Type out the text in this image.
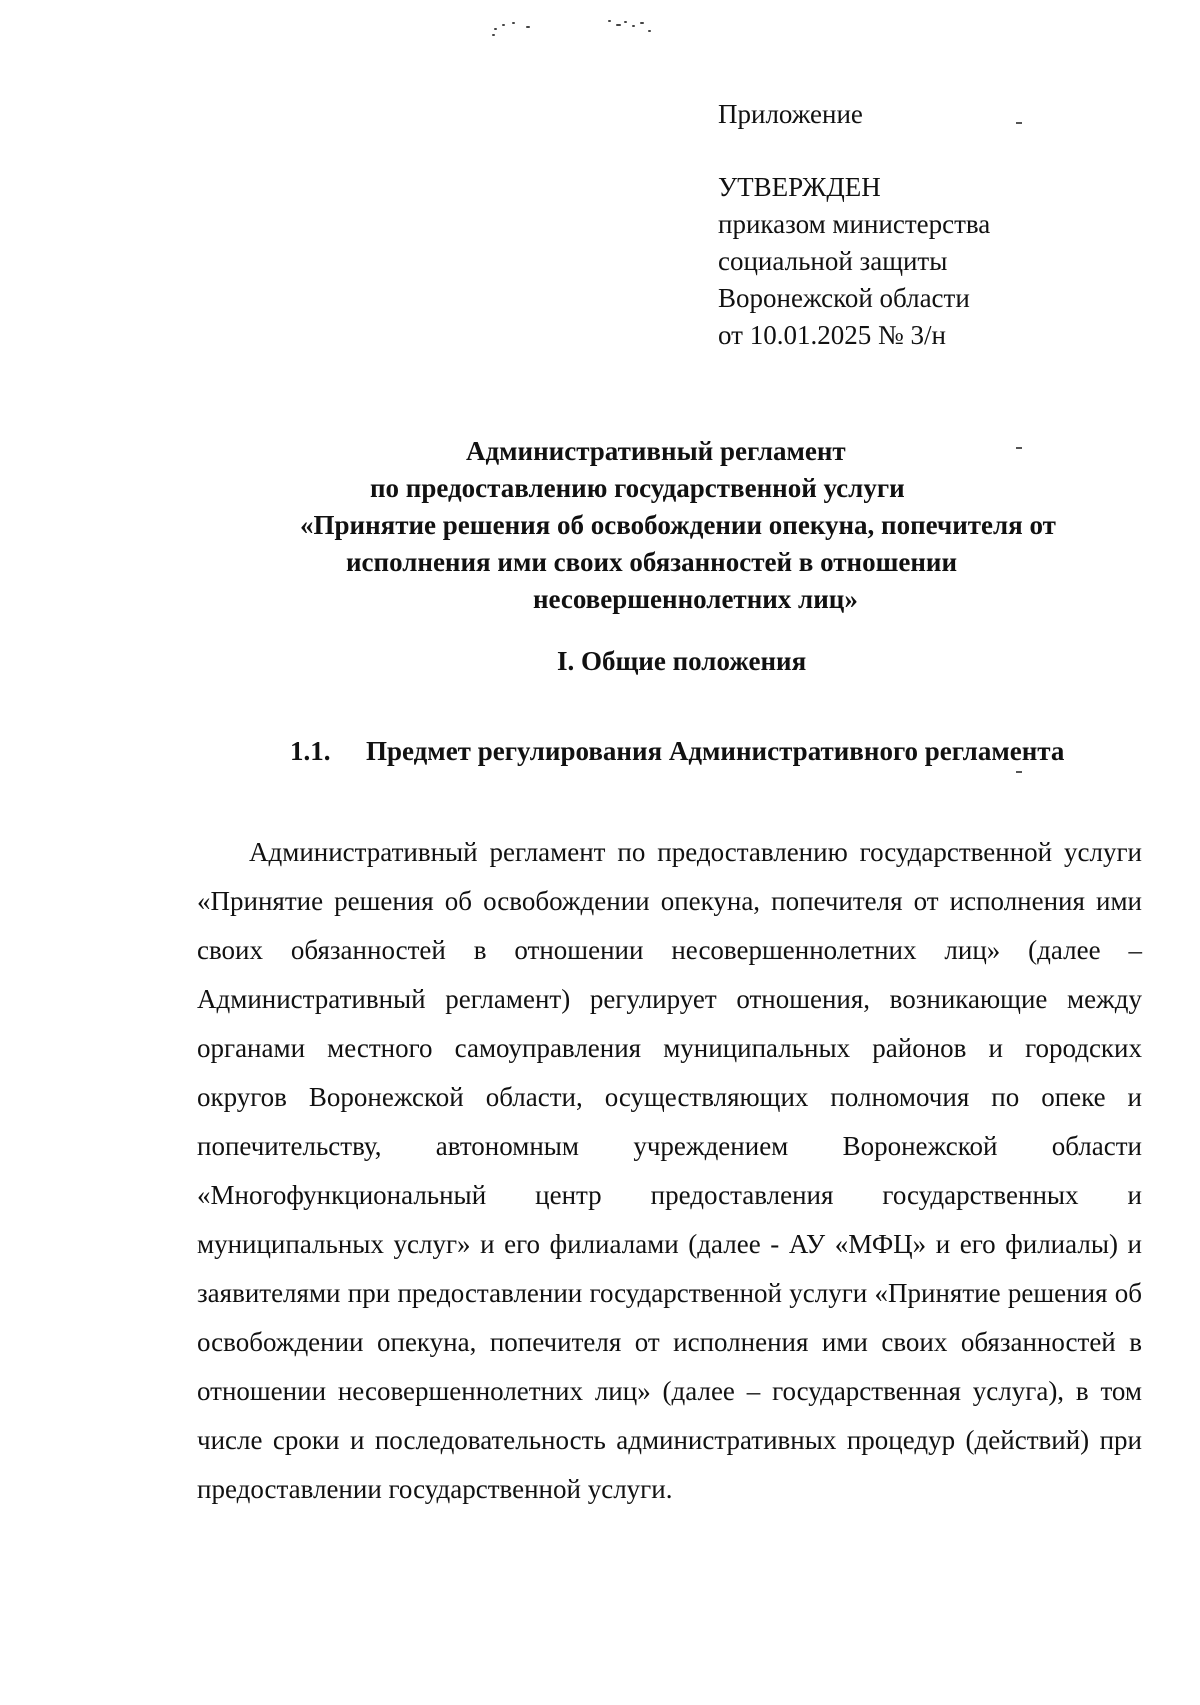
Приложение
УТВЕРЖДЕН
приказом министерства
социальной защиты
Воронежской области
от 10.01.2025 № 3/н
Административный регламент
по предоставлению государственной услуги
«Принятие решения об освобождении опекуна, попечителя от
исполнения ими своих обязанностей в отношении
несовершеннолетних лиц»
I. Общие положения
1.1. Предмет регулирования Административного регламента

Административный регламент по предоставлению государственной услуги «Принятие решения об освобождении опекуна, попечителя от исполнения ими своих обязанностей в отношении несовершеннолетних лиц» (далее – Административный регламент) регулирует отношения, возникающие между органами местного самоуправления муниципальных районов и городских округов Воронежской области, осуществляющих полномочия по опеке и попечительству, автономным учреждением Воронежской области «Многофункциональный центр предоставления государственных и муниципальных услуг» и его филиалами (далее - АУ «МФЦ» и его филиалы) и заявителями при предоставлении государственной услуги «Принятие решения об освобождении опекуна, попечителя от исполнения ими своих обязанностей в отношении несовершеннолетних лиц» (далее – государственная услуга), в том числе сроки и последовательность административных процедур (действий) при предоставлении государственной услуги.
